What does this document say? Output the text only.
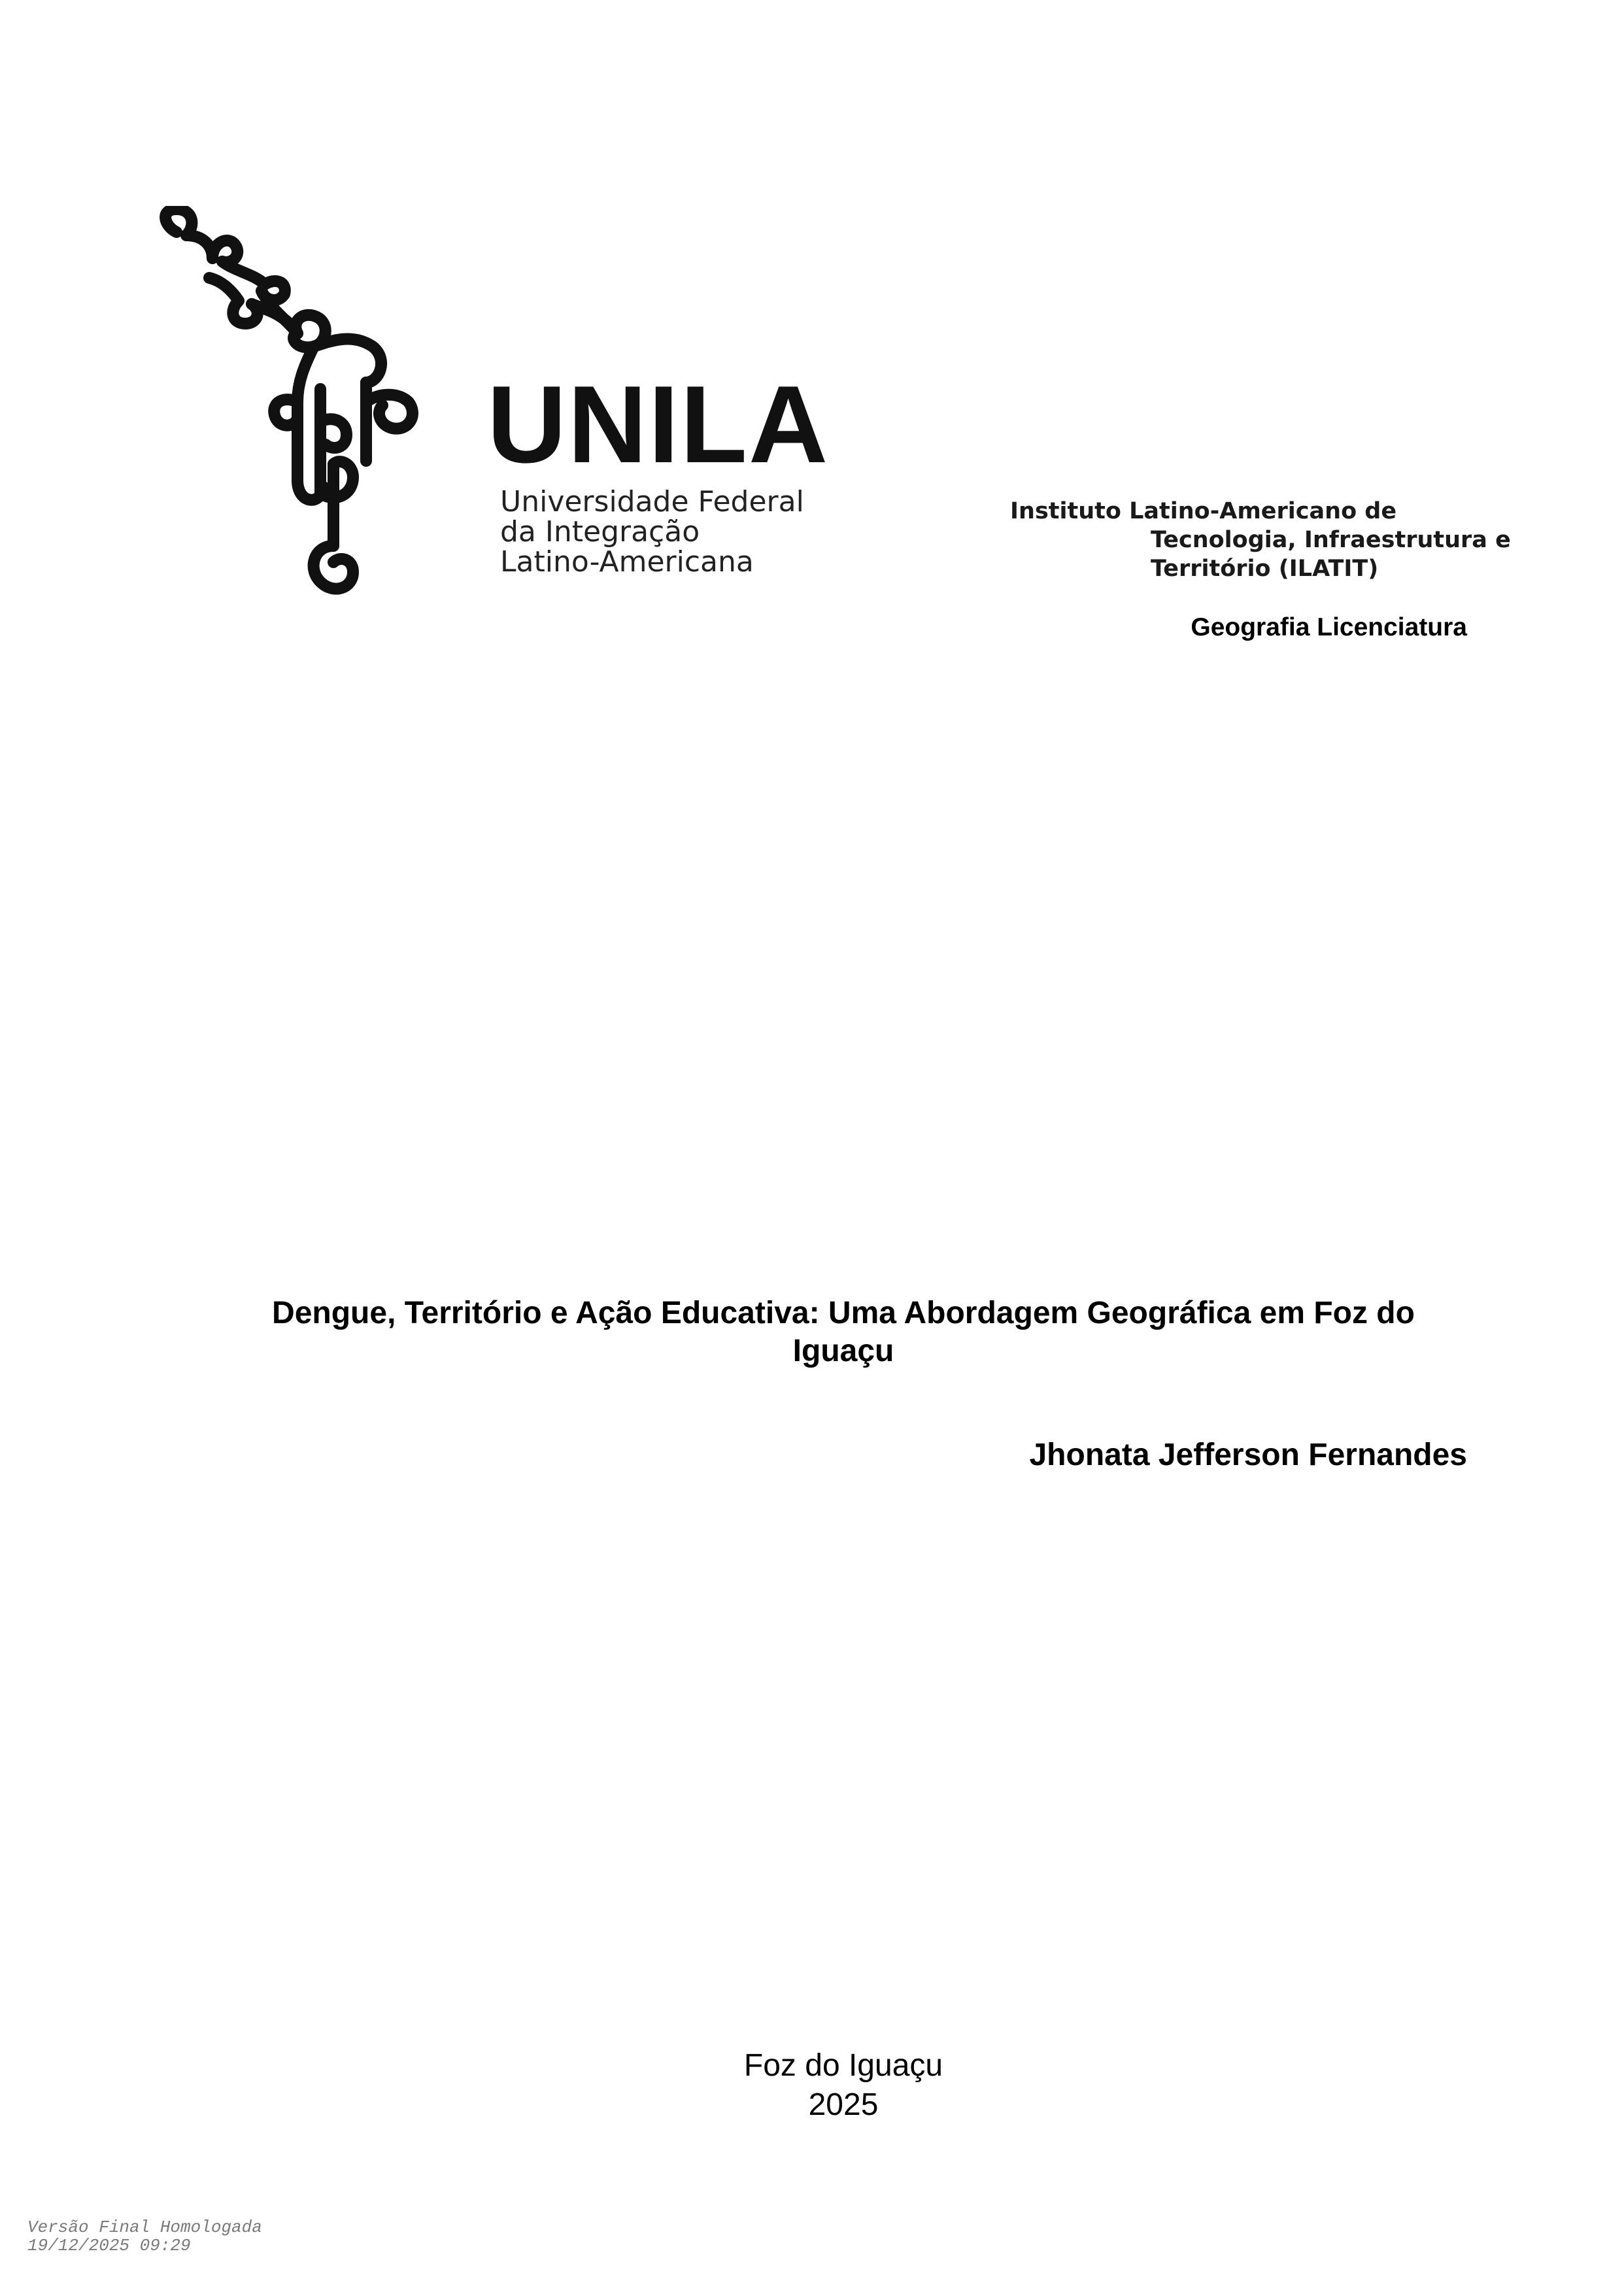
UNILA
Universidade Federal
da Integração
Latino-Americana
Instituto Latino-Americano de
Tecnologia, Infraestrutura e
Território (ILATIT)
Geografia Licenciatura
Dengue, Território e Ação Educativa: Uma Abordagem Geográfica em Foz do Iguaçu
Jhonata Jefferson Fernandes
Foz do Iguaçu
2025
Versão Final Homologada
19/12/2025 09:29
